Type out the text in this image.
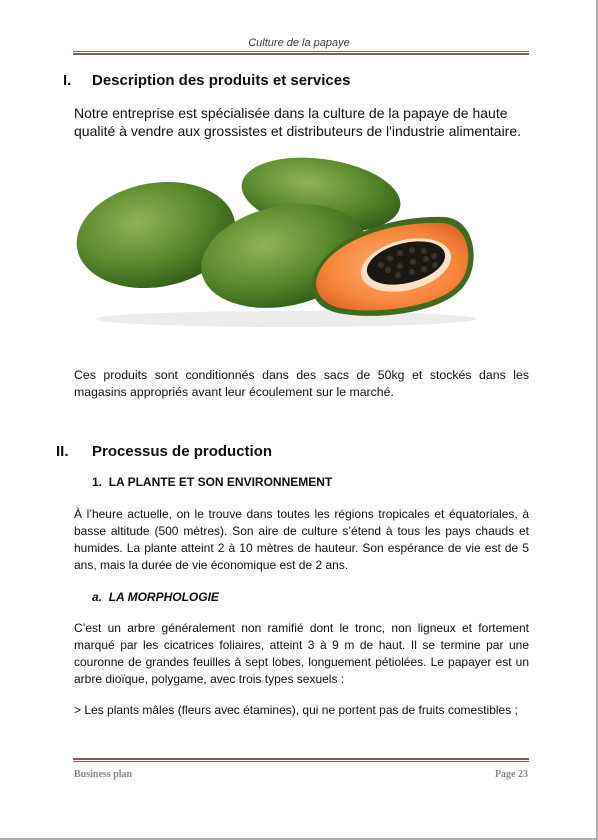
Culture de la papaye
I. Description des produits et services
Notre entreprise est spécialisée dans la culture de la papaye de haute qualité à vendre aux grossistes et distributeurs de l'industrie alimentaire.
Ces produits sont conditionnés dans des sacs de 50kg et stockés dans les magasins appropriés avant leur écoulement sur le marché.
II. Processus de production
1. LA PLANTE ET SON ENVIRONNEMENT
À l’heure actuelle, on le trouve dans toutes les régions tropicales et équatoriales, à basse altitude (500 mètres). Son aire de culture s’étend à tous les pays chauds et humides. La plante atteint 2 à 10 mètres de hauteur. Son espérance de vie est de 5 ans, mais la durée de vie économique est de 2 ans.
a. LA MORPHOLOGIE
C’est un arbre généralement non ramifié dont le tronc, non ligneux et fortement marqué par les cicatrices foliaires, atteint 3 à 9 m de haut. Il se termine par une couronne de grandes feuilles à sept lobes, longuement pétiolées. Le papayer est un arbre dioïque, polygame, avec trois types sexuels :
> Les plants mâles (fleurs avec étamines), qui ne portent pas de fruits comestibles ;
Business plan	Page 23
